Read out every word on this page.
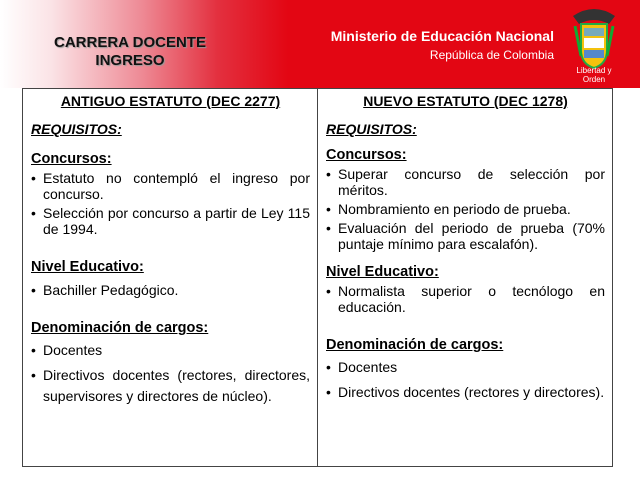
CARRERA DOCENTE
INGRESO
Ministerio de Educación Nacional
República de Colombia
Libertad y Orden
ANTIGUO ESTATUTO (DEC 2277)
REQUISITOS:
Concursos:
• Estatuto no contempló el ingreso por concurso.
• Selección por concurso a partir de Ley 115 de 1994.
Nivel Educativo:
• Bachiller Pedagógico.
Denominación de cargos:
• Docentes
• Directivos docentes (rectores, directores, supervisores y directores de núcleo).

NUEVO ESTATUTO (DEC 1278)
REQUISITOS:
Concursos:
• Superar concurso de selección por méritos.
• Nombramiento en periodo de prueba.
• Evaluación del periodo de prueba (70% puntaje mínimo para escalafón).
Nivel Educativo:
• Normalista superior o tecnólogo en educación.
Denominación de cargos:
• Docentes
• Directivos docentes (rectores y directores).
